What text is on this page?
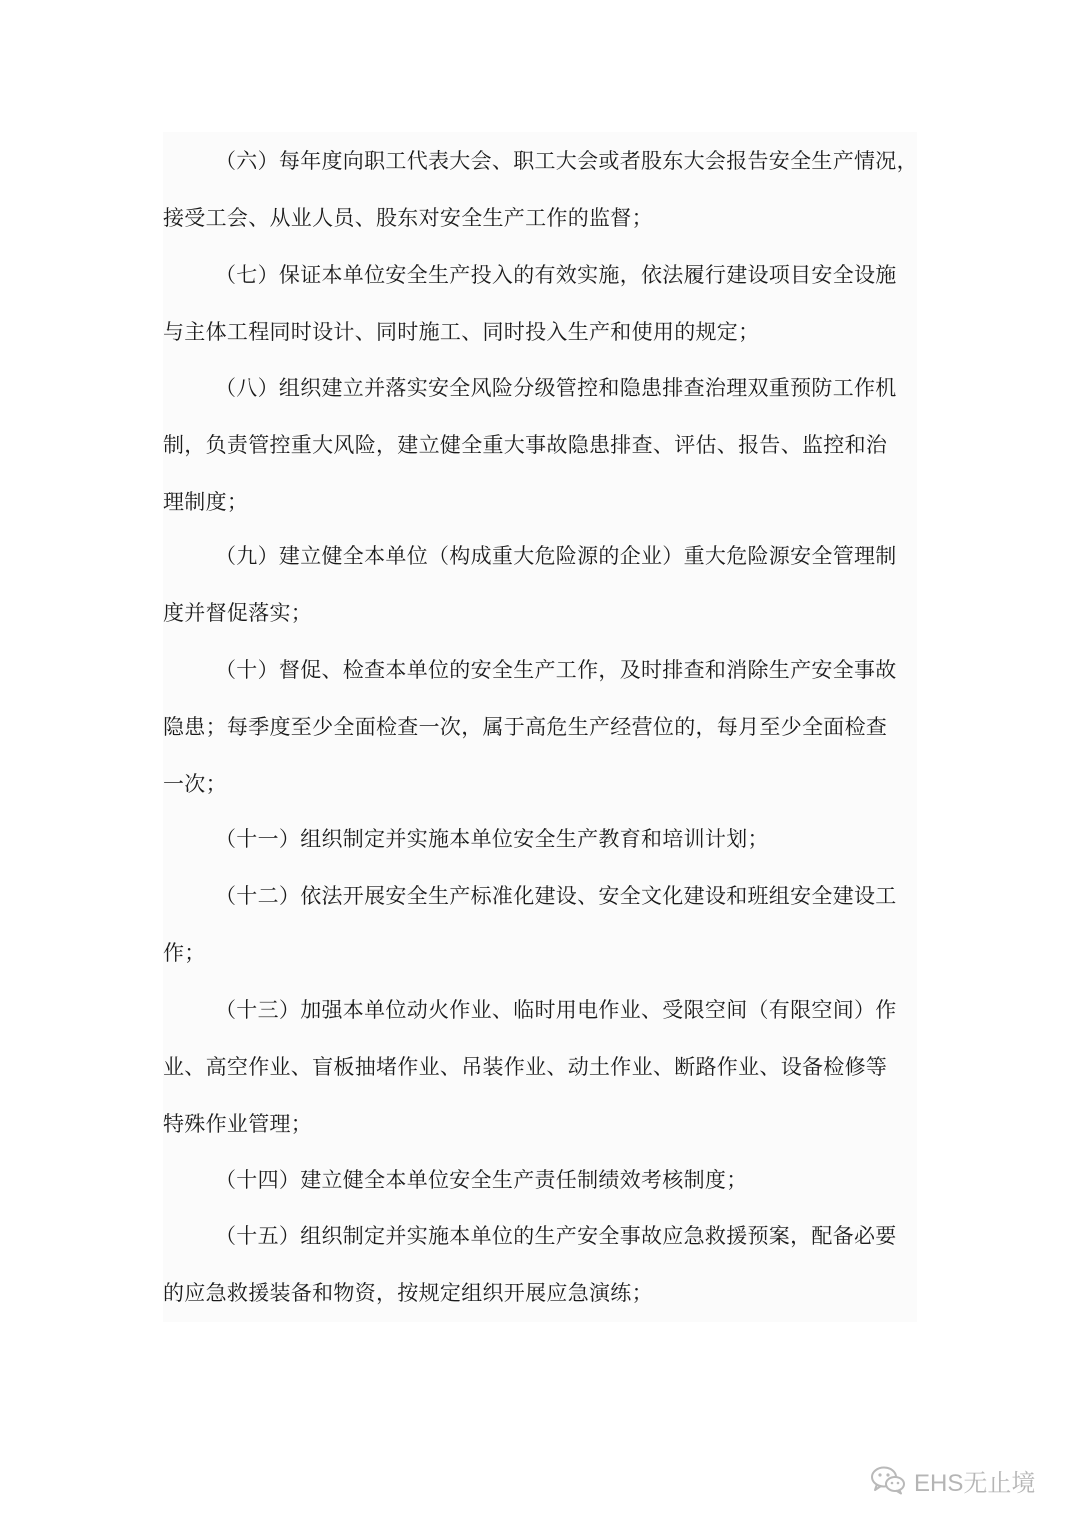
（六）每年度向职工代表大会、职工大会或者股东大会报告安全生产情况，
接受工会、从业人员、股东对安全生产工作的监督；
（七）保证本单位安全生产投入的有效实施，依法履行建设项目安全设施
与主体工程同时设计、同时施工、同时投入生产和使用的规定；
（八）组织建立并落实安全风险分级管控和隐患排查治理双重预防工作机
制，负责管控重大风险，建立健全重大事故隐患排查、评估、报告、监控和治
理制度；
（九）建立健全本单位（构成重大危险源的企业）重大危险源安全管理制
度并督促落实；
（十）督促、检查本单位的安全生产工作，及时排查和消除生产安全事故
隐患；每季度至少全面检查一次，属于高危生产经营位的，每月至少全面检查
一次；
（十一）组织制定并实施本单位安全生产教育和培训计划；
（十二）依法开展安全生产标准化建设、安全文化建设和班组安全建设工
作；
（十三）加强本单位动火作业、临时用电作业、受限空间（有限空间）作
业、高空作业、盲板抽堵作业、吊装作业、动土作业、断路作业、设备检修等
特殊作业管理；
（十四）建立健全本单位安全生产责任制绩效考核制度；
（十五）组织制定并实施本单位的生产安全事故应急救援预案，配备必要
的应急救援装备和物资，按规定组织开展应急演练；
EHS无止境
